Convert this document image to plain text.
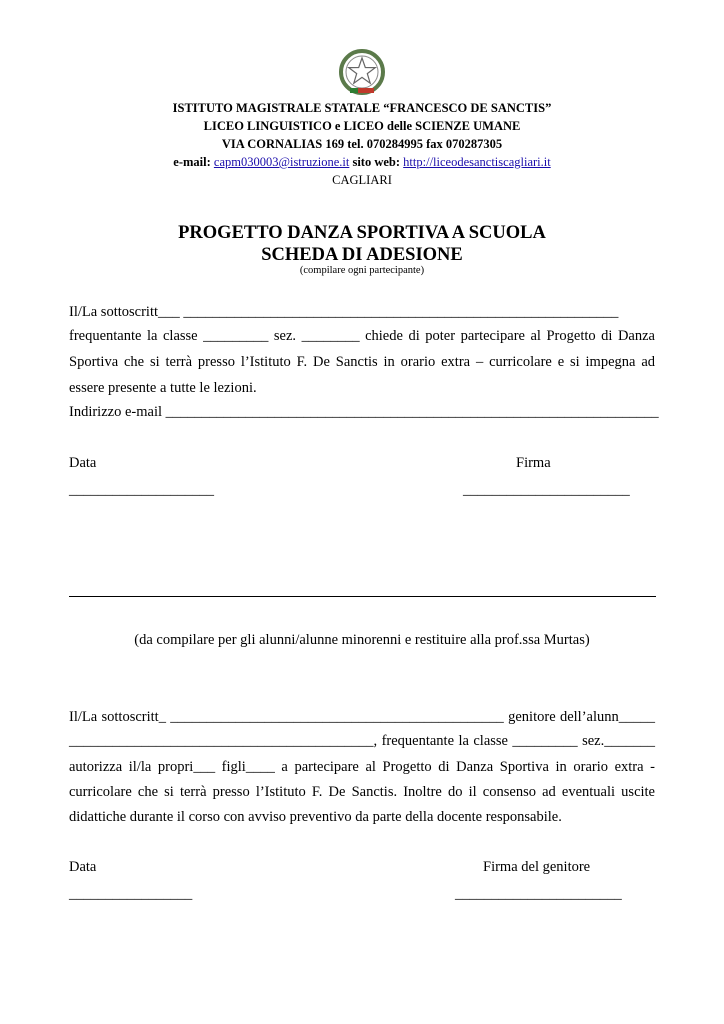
ISTITUTO MAGISTRALE STATALE “FRANCESCO DE SANCTIS”

LICEO LINGUISTICO e LICEO delle SCIENZE UMANE

VIA CORNALIAS 169 tel. 070284995 fax 070287305

e-mail: capm030003@istruzione.it sito web: http://liceodesanctiscagliari.it

CAGLIARI

PROGETTO DANZA SPORTIVA A SCUOLA

SCHEDA DI ADESIONE

(compilare ogni partecipante)

Il/La sottoscritt___ ____________________________________________________________

frequentante la classe _________ sez. ________ chiede di poter partecipare al Progetto di Danza

Sportiva che si terrà presso l’Istituto F. De Sanctis in orario extra – curricolare e si impegna ad

essere presente a tutte le lezioni.

Indirizzo e-mail ____________________________________________________________________

Data	Firma

____________________	_______________________

(da compilare per gli alunni/alunne minorenni e restituire alla prof.ssa Murtas)

Il/La sottoscritt_ ______________________________________________ genitore dell’alunn_____

__________________________________________, frequentante la classe _________ sez._______

autorizza il/la propri___ figli____ a partecipare al Progetto di Danza Sportiva in orario extra -

curricolare che si terrà presso l’Istituto F. De Sanctis. Inoltre do il consenso ad eventuali uscite

didattiche durante il corso con avviso preventivo da parte della docente responsabile.

Data	Firma del genitore

_________________	_______________________
